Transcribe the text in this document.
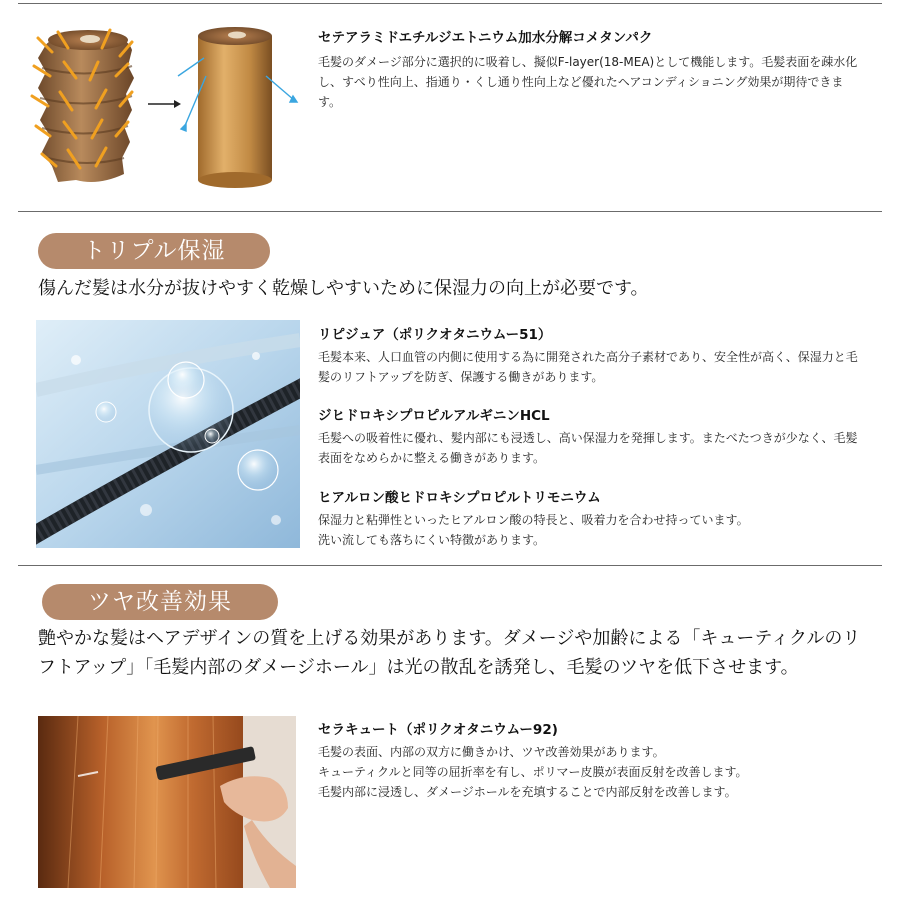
セテアラミドエチルジエトニウム加水分解コメタンパク
毛髪のダメージ部分に選択的に吸着し、擬似F-layer(18-MEA)として機能します。毛髪表面を疎水化し、すべり性向上、指通り・くし通り性向上など優れたヘアコンディショニング効果が期待できます。
トリプル保湿
傷んだ髪は水分が抜けやすく乾燥しやすいために保湿力の向上が必要です。
リピジュア（ポリクオタニウムー51）
毛髪本来、人口血管の内側に使用する為に開発された高分子素材であり、安全性が高く、保湿力と毛髪のリフトアップを防ぎ、保護する働きがあります。
ジヒドロキシプロピルアルギニンHCL
毛髪への吸着性に優れ、髪内部にも浸透し、高い保湿力を発揮します。またべたつきが少なく、毛髪表面をなめらかに整える働きがあります。
ヒアルロン酸ヒドロキシプロピルトリモニウム
保湿力と粘弾性といったヒアルロン酸の特長と、吸着力を合わせ持っています。
洗い流しても落ちにくい特徴があります。
ツヤ改善効果
艶やかな髪はヘアデザインの質を上げる効果があります。ダメージや加齢による「キューティクルのリフトアップ」「毛髪内部のダメージホール」は光の散乱を誘発し、毛髪のツヤを低下させます。
セラキュート（ポリクオタニウムー92)
毛髪の表面、内部の双方に働きかけ、ツヤ改善効果があります。
キューティクルと同等の屈折率を有し、ポリマー皮膜が表面反射を改善します。
毛髪内部に浸透し、ダメージホールを充填することで内部反射を改善します。
